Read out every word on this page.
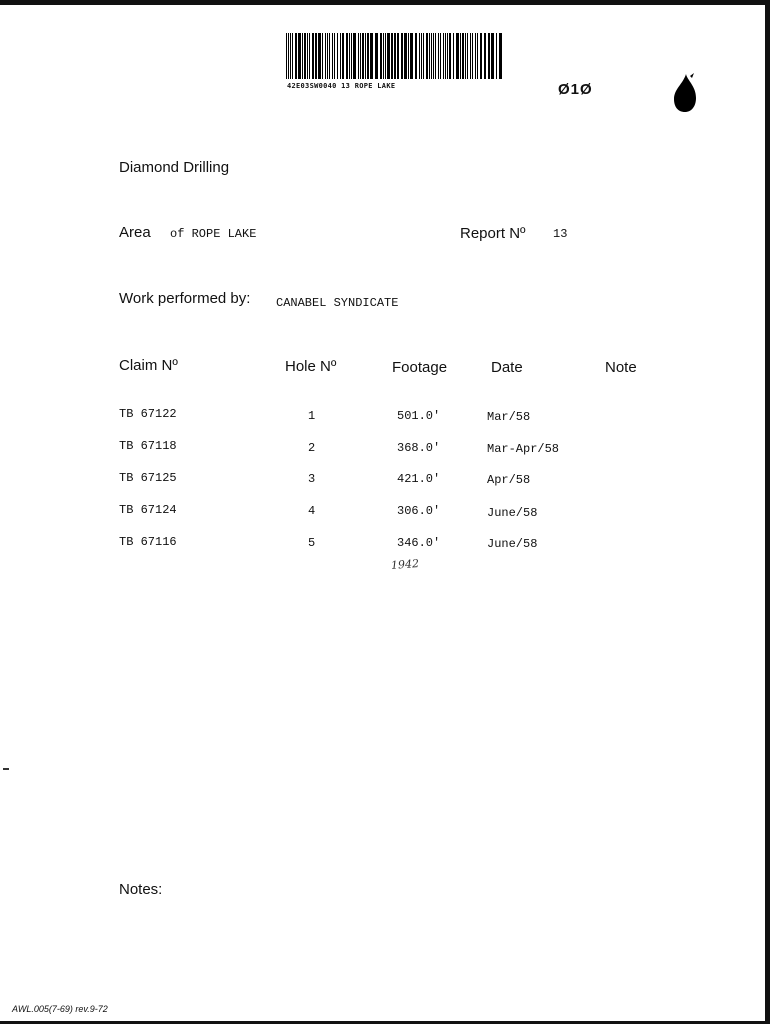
42E03SW0040 13 ROPE LAKE	Ø1Ø
Diamond Drilling
Area of ROPE LAKE	Report Nº 13
Work performed by: CANABEL SYNDICATE
Claim Nº	Hole Nº	Footage	Date	Note
TB 67122	1	501.0'	Mar/58
TB 67118	2	368.0'	Mar-Apr/58
TB 67125	3	421.0'	Apr/58
TB 67124	4	306.0'	June/58
TB 67116	5	346.0'	June/58
1942
Notes:
AWL.005(7-69) rev.9-72
